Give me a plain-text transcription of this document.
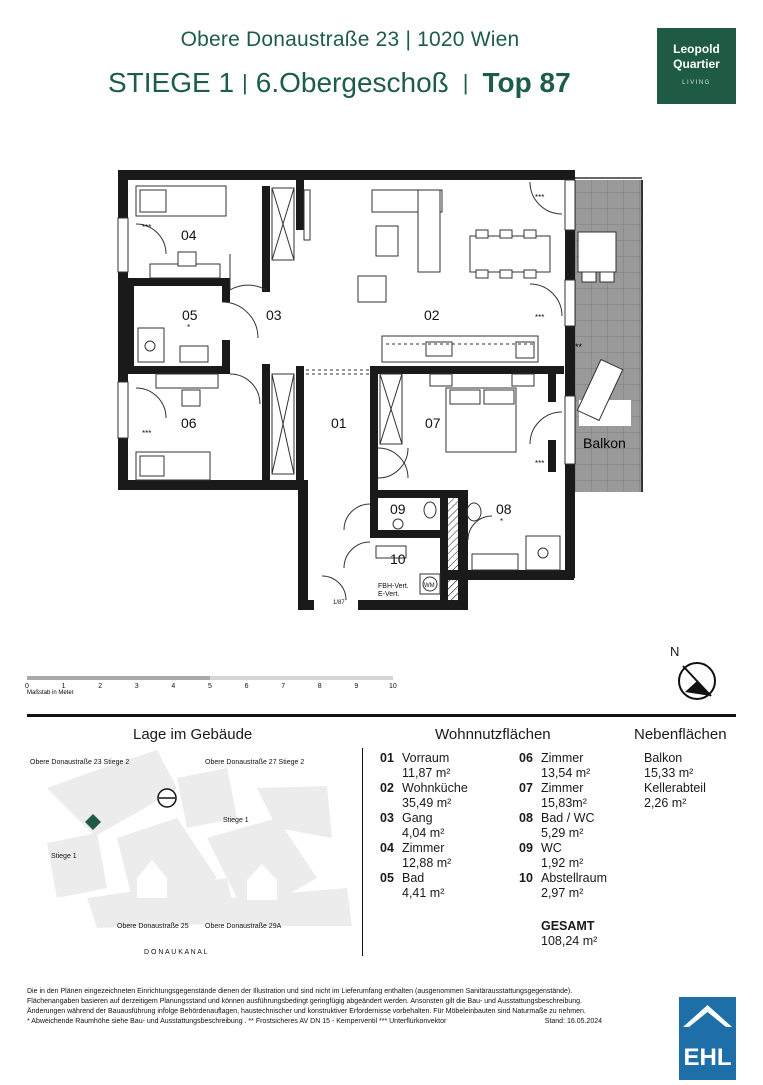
Obere Donaustraße 23 | 1020 Wien
STIEGE 1 | 6.Obergeschoß | Top 87
Leopold
Quartier
LIVING
Balkon
**
04
05	03	02
06	01	07
09	08
10
***
***
***
***
***
*
*
FBH-Vert.
E-Vert.
WM
1/87
0	1	2	3	4	5	6	7	8	9	10
Maßstab in Meter
N
Lage im Gebäude
Obere Donaustraße 23 Stiege 2	Obere Donaustraße 27 Stiege 2
Stiege 1
Stiege 1
Obere Donaustraße 25 Obere Donaustraße 29A
D O N A U K A N A L
Wohnnutzflächen
01 Vorraum
11,87 m²
02 Wohnküche
35,49 m²
03 Gang
4,04 m²
04 Zimmer
12,88 m²
05 Bad
4,41 m²
06 Zimmer
13,54 m²
07 Zimmer
15,83m²
08 Bad / WC
5,29 m²
09 WC
1,92 m²
10 Abstellraum
2,97 m²
GESAMT
108,24 m²
Nebenflächen
Balkon
15,33 m²
Kellerabteil
2,26 m²
Die in den Plänen eingezeichneten Einrichtungsgegenstände dienen der Illustration und sind nicht im Lieferumfang enthalten (ausgenommen Sanitärausstattungsgegenstände).
Flächenangaben basieren auf derzeitigem Planungsstand und können ausführungsbedingt geringfügig abgeändert werden. Ansonsten gilt die Bau- und Ausstattungsbeschreibung.
Änderungen während der Bauausführung infolge Behördenauflagen, haustechnischer und konstruktiver Erfordernisse vorbehalten. Für Möbeleinbauten sind Naturmaße zu nehmen.
* Abweichende Raumhöhe siehe Bau- und Ausstattungsbeschreibung . ** Frostsicheres AV DN 15 - Kemperventil *** Unterflurkonvektor	Stand: 16.05.2024
EHL
